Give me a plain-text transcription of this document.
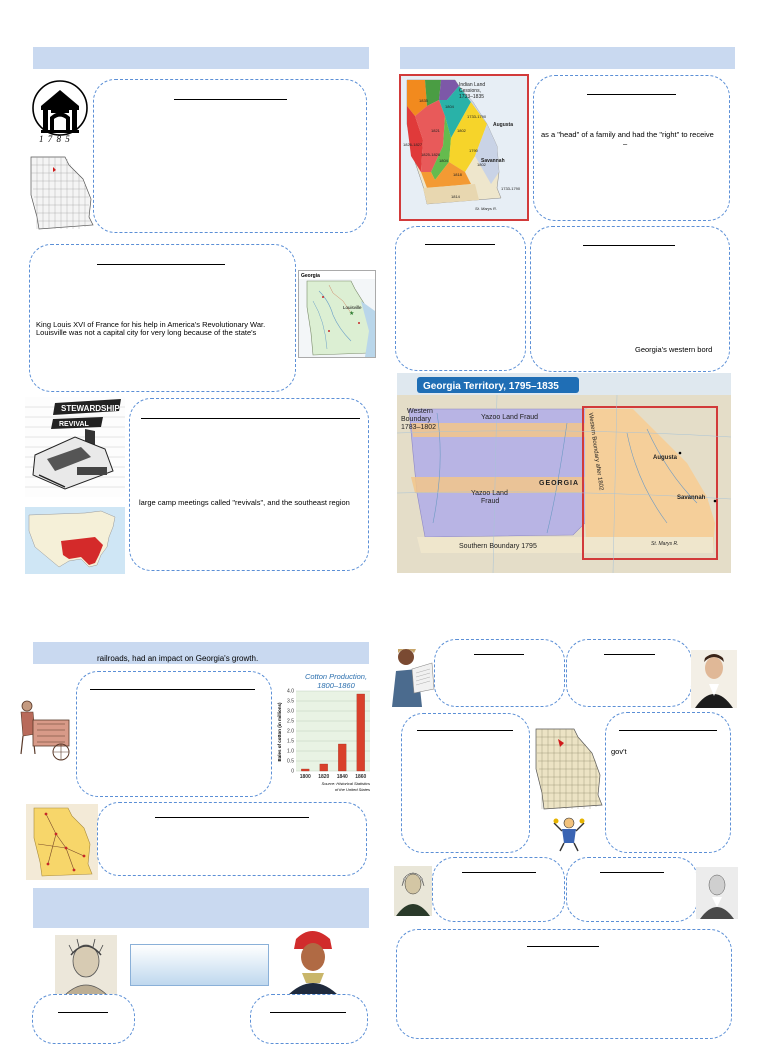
1 7 8 5
King Louis XVI of France for his help in America's Revolutionary War.
Louisville was not a capital city for very long because of the state's
Georgia
Louisville
★
STEWARDSHIP
REVIVAL
large camp meetings called "revivals", and the southeast region
Indian Land
Cessions,
1733–1835
1835
1804
1733-1790
1821	1802
1790
1826-1827
1825-1828
1804
1818
1814
1733-1790
1802
Augusta
Savannah
St. Marys R.
as a "head" of a family and had the "right" to receive
–
Georgia's western bord
Georgia Territory, 1795–1835
Western
Boundary
1783–1802
Yazoo Land Fraud
Yazoo Land
Fraud
GEORGIA
Southern Boundary 1795
Western Boundary after 1802	Augusta
Savannah
St. Marys R.
railroads, had an impact on Georgia's growth.
Cotton Production,
1800–1860
0
0.5
1.0
1.5
2.0
2.5
3.0
3.5
4.0
1800 1820 1840 1860
Bales of cotton (in millions)
Source: Historical Statistics
of the United States
gov't
